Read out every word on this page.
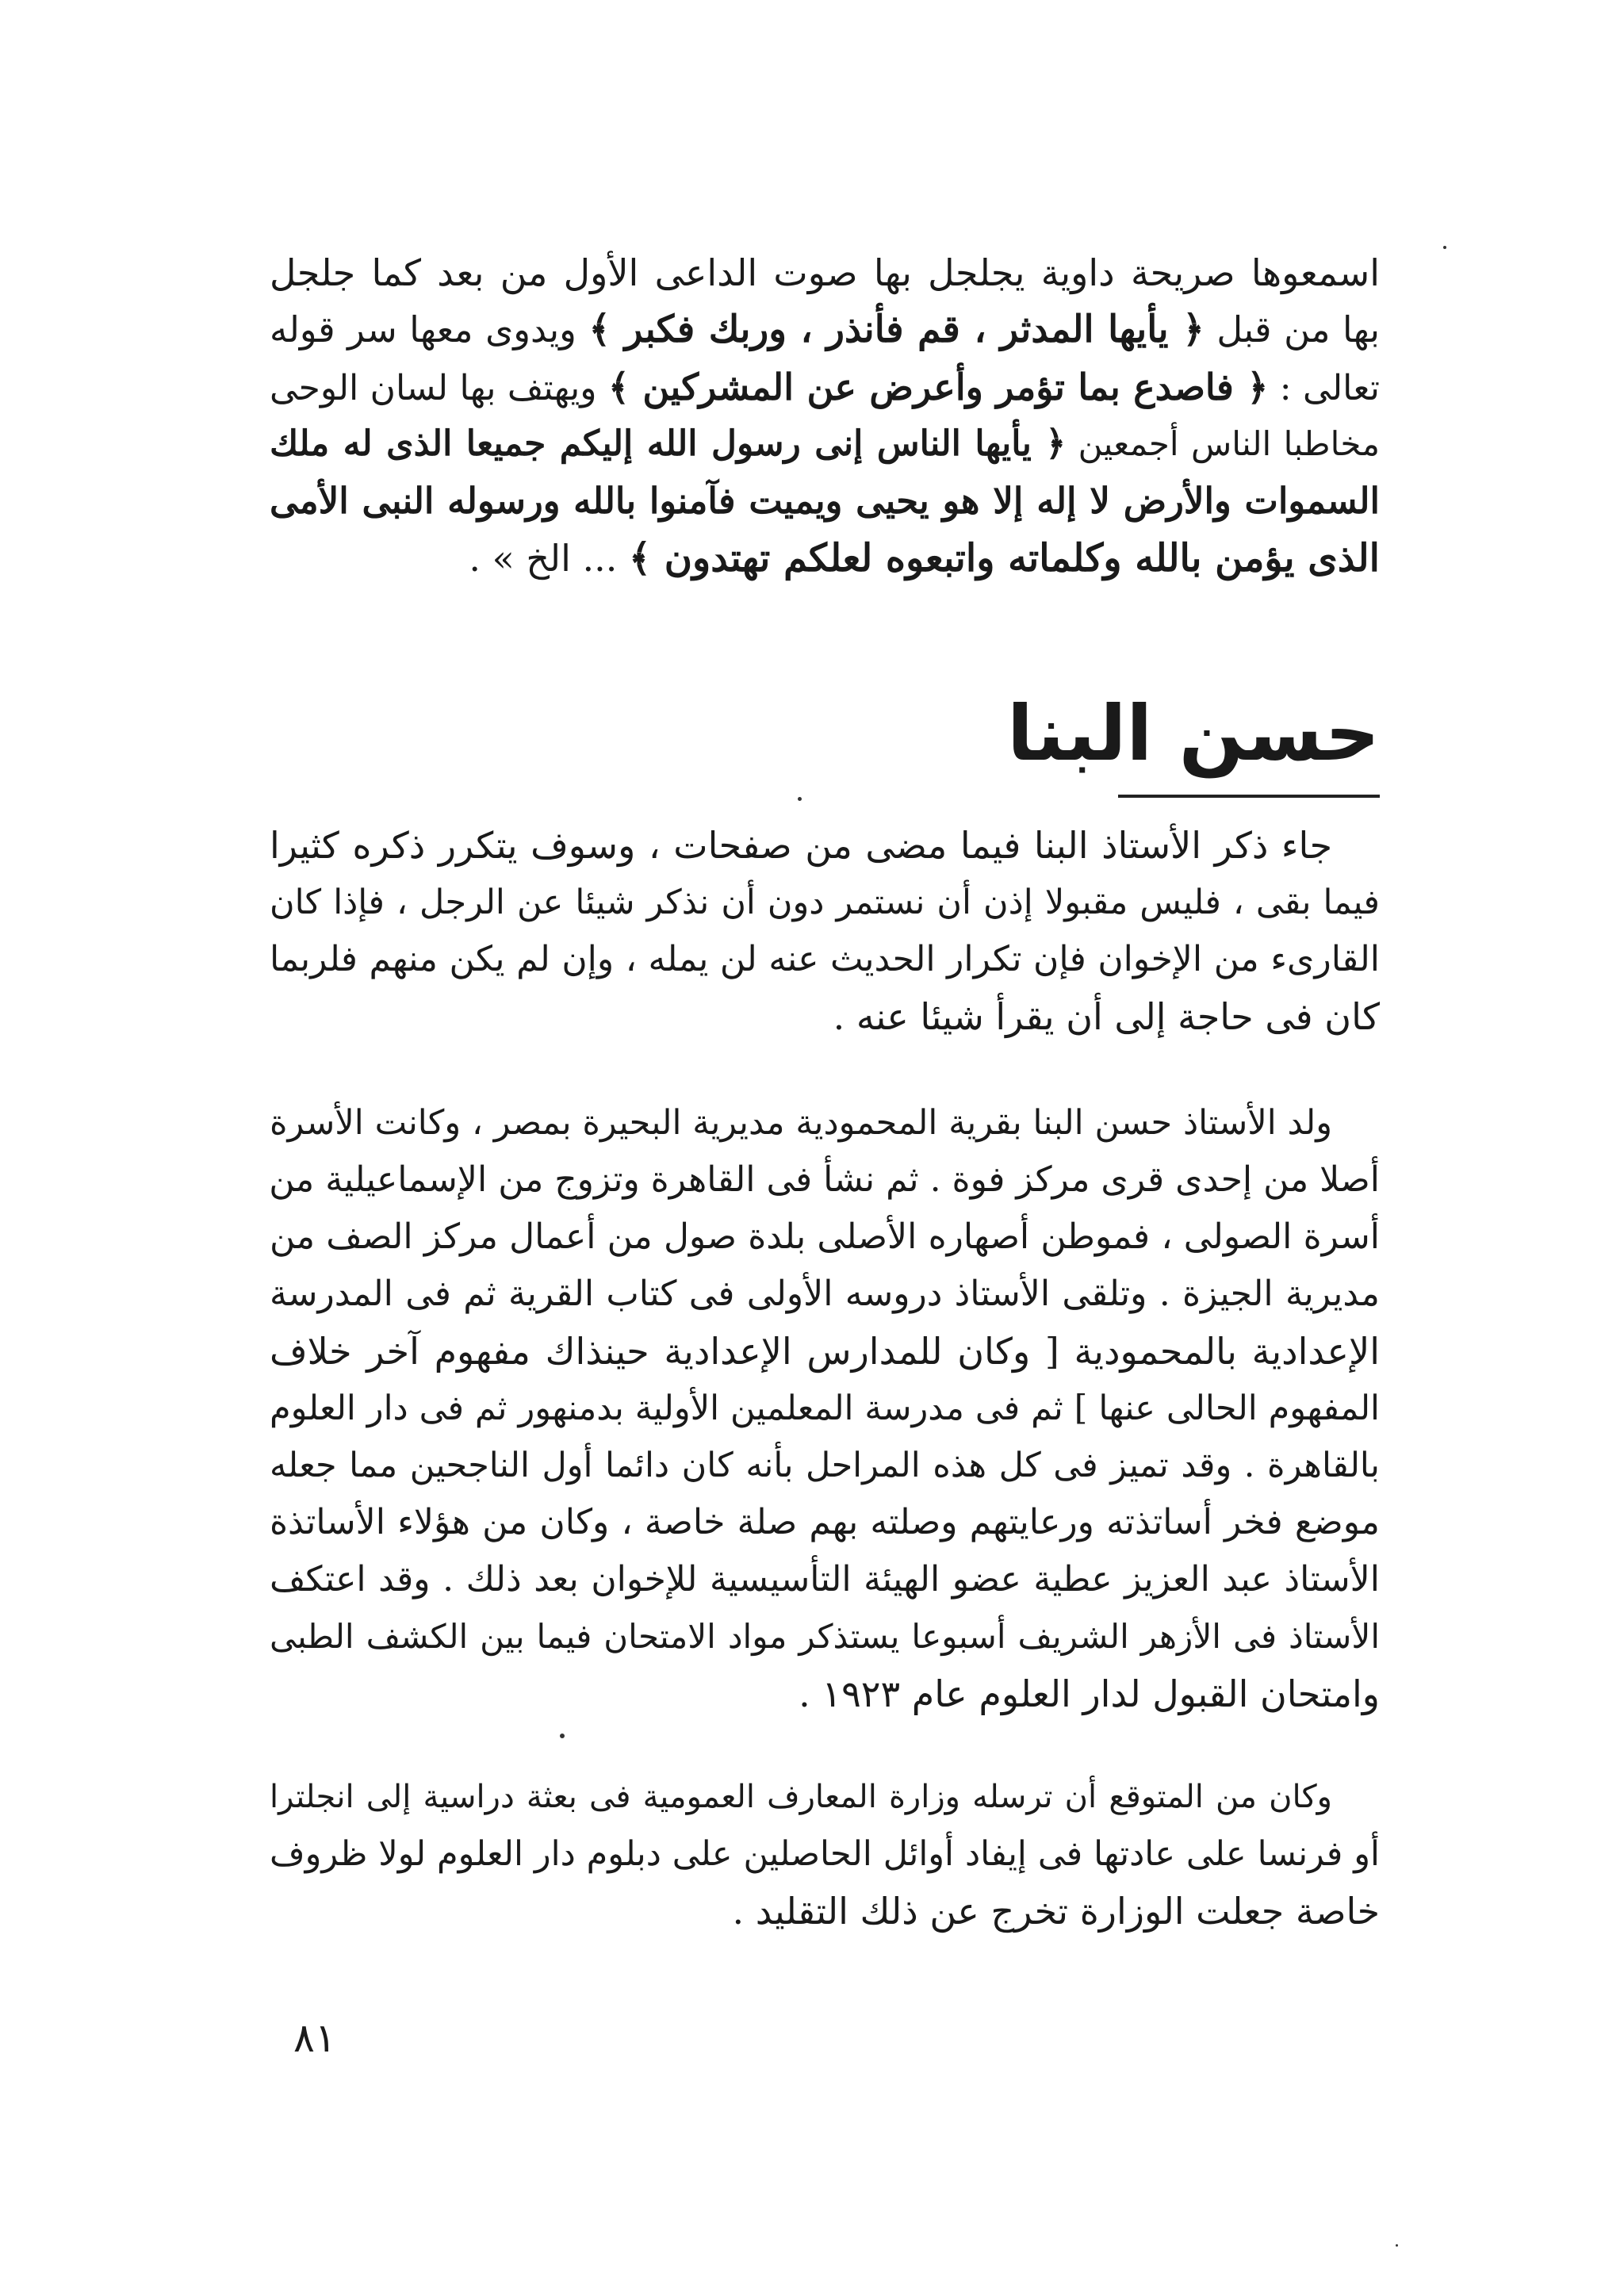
اسمعوها صريحة داوية يجلجل بها صوت الداعى الأول من بعد كما جلجل
بها من قبل ﴿ يأيها المدثر ، قم فأنذر ، وربك فكبر ﴾ ويدوى معها سر قوله
تعالى : ﴿ فاصدع بما تؤمر وأعرض عن المشركين ﴾ ويهتف بها لسان الوحى
مخاطبا الناس أجمعين ﴿ يأيها الناس إنى رسول الله إليكم جميعا الذى له ملك
السموات والأرض لا إله إلا هو يحيى ويميت فآمنوا بالله ورسوله النبى الأمى
الذى يؤمن بالله وكلماته واتبعوه لعلكم تهتدون ﴾ ... الخ » .
حسن البنا
جاء ذكر الأستاذ البنا فيما مضى من صفحات ، وسوف يتكرر ذكره كثيرا
فيما بقى ، فليس مقبولا إذن أن نستمر دون أن نذكر شيئا عن الرجل ، فإذا كان
القارىء من الإخوان فإن تكرار الحديث عنه لن يمله ، وإن لم يكن منهم فلربما
كان فى حاجة إلى أن يقرأ شيئا عنه .
ولد الأستاذ حسن البنا بقرية المحمودية مديرية البحيرة بمصر ، وكانت الأسرة
أصلا من إحدى قرى مركز فوة . ثم نشأ فى القاهرة وتزوج من الإسماعيلية من
أسرة الصولى ، فموطن أصهاره الأصلى بلدة صول من أعمال مركز الصف من
مديرية الجيزة . وتلقى الأستاذ دروسه الأولى فى كتاب القرية ثم فى المدرسة
الإعدادية بالمحمودية [ وكان للمدارس الإعدادية حينذاك مفهوم آخر خلاف
المفهوم الحالى عنها ] ثم فى مدرسة المعلمين الأولية بدمنهور ثم فى دار العلوم
بالقاهرة . وقد تميز فى كل هذه المراحل بأنه كان دائما أول الناجحين مما جعله
موضع فخر أساتذته ورعايتهم وصلته بهم صلة خاصة ، وكان من هؤلاء الأساتذة
الأستاذ عبد العزيز عطية عضو الهيئة التأسيسية للإخوان بعد ذلك . وقد اعتكف
الأستاذ فى الأزهر الشريف أسبوعا يستذكر مواد الامتحان فيما بين الكشف الطبى
وامتحان القبول لدار العلوم عام ١٩٢٣ .
وكان من المتوقع أن ترسله وزارة المعارف العمومية فى بعثة دراسية إلى انجلترا
أو فرنسا على عادتها فى إيفاد أوائل الحاصلين على دبلوم دار العلوم لولا ظروف
خاصة جعلت الوزارة تخرج عن ذلك التقليد .
٨١
